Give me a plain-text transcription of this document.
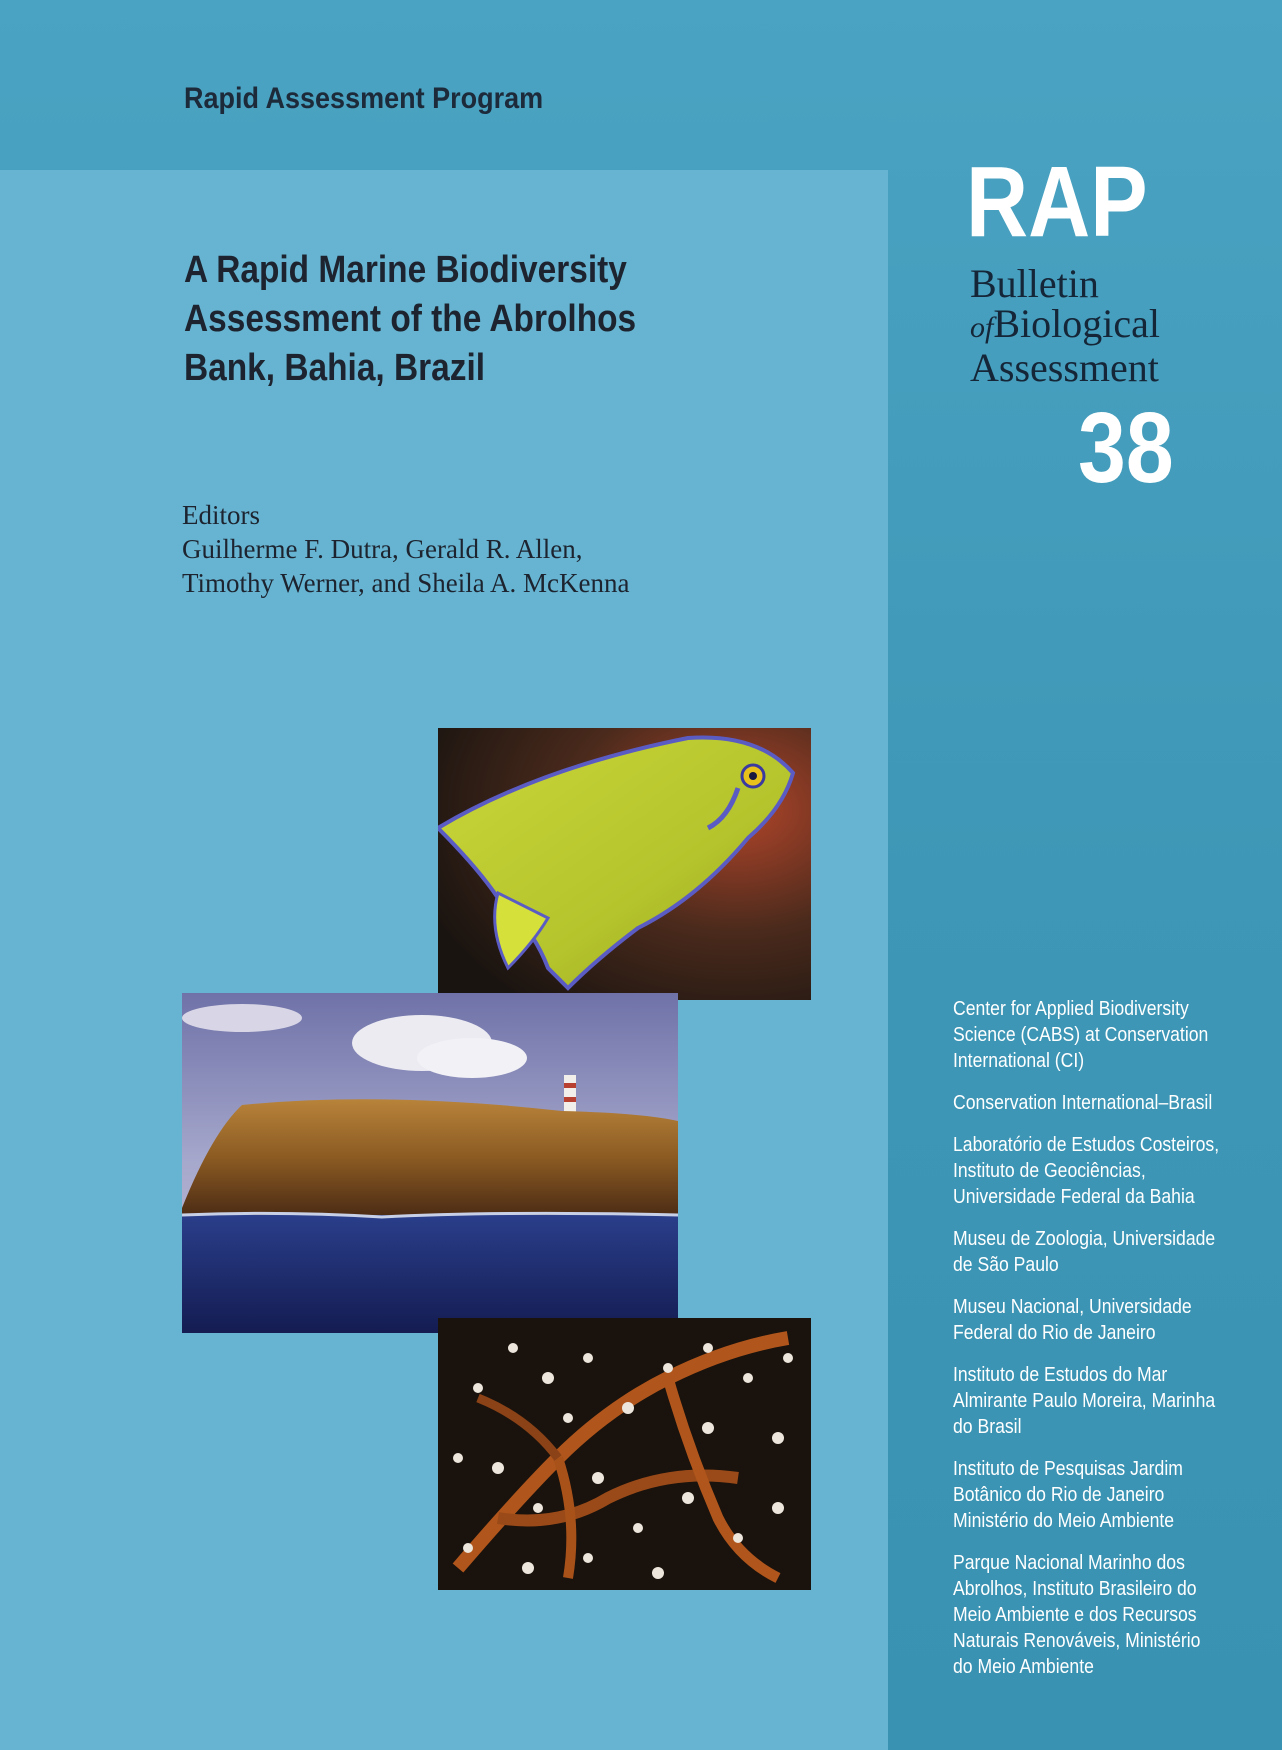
Rapid Assessment Program
A Rapid Marine Biodiversity
Assessment of the Abrolhos
Bank, Bahia, Brazil
Editors
Guilherme F. Dutra, Gerald R. Allen,
Timothy Werner, and Sheila A. McKenna
RAP
Bulletin
ofBiological
Assessment
38
Center for Applied Biodiversity
Science (CABS) at Conservation
International (CI)
Conservation International–Brasil
Laboratório de Estudos Costeiros,
Instituto de Geociências,
Universidade Federal da Bahia
Museu de Zoologia, Universidade
de São Paulo
Museu Nacional, Universidade
Federal do Rio de Janeiro
Instituto de Estudos do Mar
Almirante Paulo Moreira, Marinha
do Brasil
Instituto de Pesquisas Jardim
Botânico do Rio de Janeiro
Ministério do Meio Ambiente
Parque Nacional Marinho dos
Abrolhos, Instituto Brasileiro do
Meio Ambiente e dos Recursos
Naturais Renováveis, Ministério
do Meio Ambiente
